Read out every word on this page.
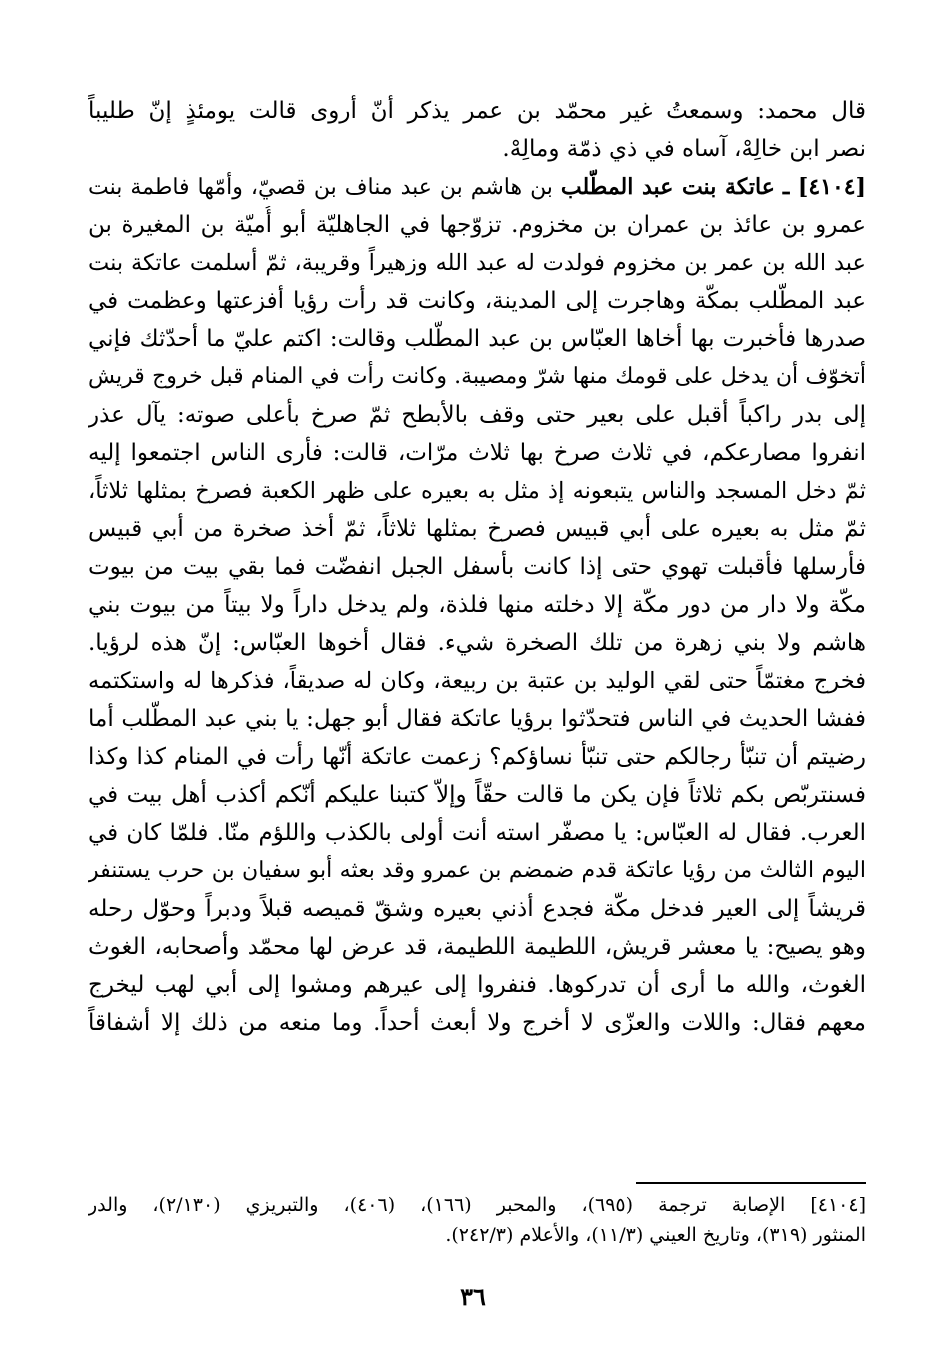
قال محمد: وسمعتُ غير محمّد بن عمر يذكر أنّ أروى قالت يومئذٍ إنّ طليباً
نصر ابن خالِهْ، آساه في ذي ذمّة ومالِهْ.
[٤١٠٤] ـ عاتكة بنت عبد المطّلب بن هاشم بن عبد مناف بن قصيّ، وأمّها فاطمة بنت
عمرو بن عائذ بن عمران بن مخزوم. تزوّجها في الجاهليّة أبو أُميّة بن المغيرة بن
عبد الله بن عمر بن مخزوم فولدت له عبد الله وزهيراً وقريبة، ثمّ أسلمت عاتكة بنت
عبد المطّلب بمكّة وهاجرت إلى المدينة، وكانت قد رأت رؤيا أفزعتها وعظمت في
صدرها فأخبرت بها أخاها العبّاس بن عبد المطّلب وقالت: اكتم عليّ ما أحدّثك فإني
أتخوّف أن يدخل على قومك منها شرّ ومصيبة. وكانت رأت في المنام قبل خروج قريش
إلى بدر راكباً أقبل على بعير حتى وقف بالأبطح ثمّ صرخ بأعلى صوته: يآل عذر
انفروا مصارعكم، في ثلاث صرخ بها ثلاث مرّات، قالت: فأرى الناس اجتمعوا إليه
ثمّ دخل المسجد والناس يتبعونه إذ مثل به بعيره على ظهر الكعبة فصرخ بمثلها ثلاثاً،
ثمّ مثل به بعيره على أبي قبيس فصرخ بمثلها ثلاثاً، ثمّ أخذ صخرة من أبي قبيس
فأرسلها فأقبلت تهوي حتى إذا كانت بأسفل الجبل انفضّت فما بقي بيت من بيوت
مكّة ولا دار من دور مكّة إلا دخلته منها فلذة، ولم يدخل داراً ولا بيتاً من بيوت بني
هاشم ولا بني زهرة من تلك الصخرة شيء. فقال أخوها العبّاس: إنّ هذه لرؤيا.
فخرج مغتمّاً حتى لقي الوليد بن عتبة بن ربيعة، وكان له صديقاً، فذكرها له واستكتمه
ففشا الحديث في الناس فتحدّثوا برؤيا عاتكة فقال أبو جهل: يا بني عبد المطّلب أما
رضيتم أن تنبّأ رجالكم حتى تنبّأ نساؤكم؟ زعمت عاتكة أنّها رأت في المنام كذا وكذا
فسنتربّص بكم ثلاثاً فإن يكن ما قالت حقّاً وإلاّ كتبنا عليكم أنّكم أكذب أهل بيت في
العرب. فقال له العبّاس: يا مصفّر استه أنت أولى بالكذب واللؤم منّا. فلمّا كان في
اليوم الثالث من رؤيا عاتكة قدم ضمضم بن عمرو وقد بعثه أبو سفيان بن حرب يستنفر
قريشاً إلى العير فدخل مكّة فجدع أذني بعيره وشقّ قميصه قبلاً ودبراً وحوّل رحله
وهو يصيح: يا معشر قريش، اللطيمة اللطيمة، قد عرض لها محمّد وأصحابه، الغوث
الغوث، والله ما أرى أن تدركوها. فنفروا إلى عيرهم ومشوا إلى أبي لهب ليخرج
معهم فقال: واللات والعزّى لا أخرج ولا أبعث أحداً. وما منعه من ذلك إلا أشفاقاً
[٤١٠٤] الإصابة ترجمة (٦٩٥)، والمحبر (١٦٦)، (٤٠٦)، والتبريزي (٢/١٣٠)، والدر
المنثور (٣١٩)، وتاريخ العيني (١١/٣)، والأعلام (٢٤٢/٣).
٣٦
